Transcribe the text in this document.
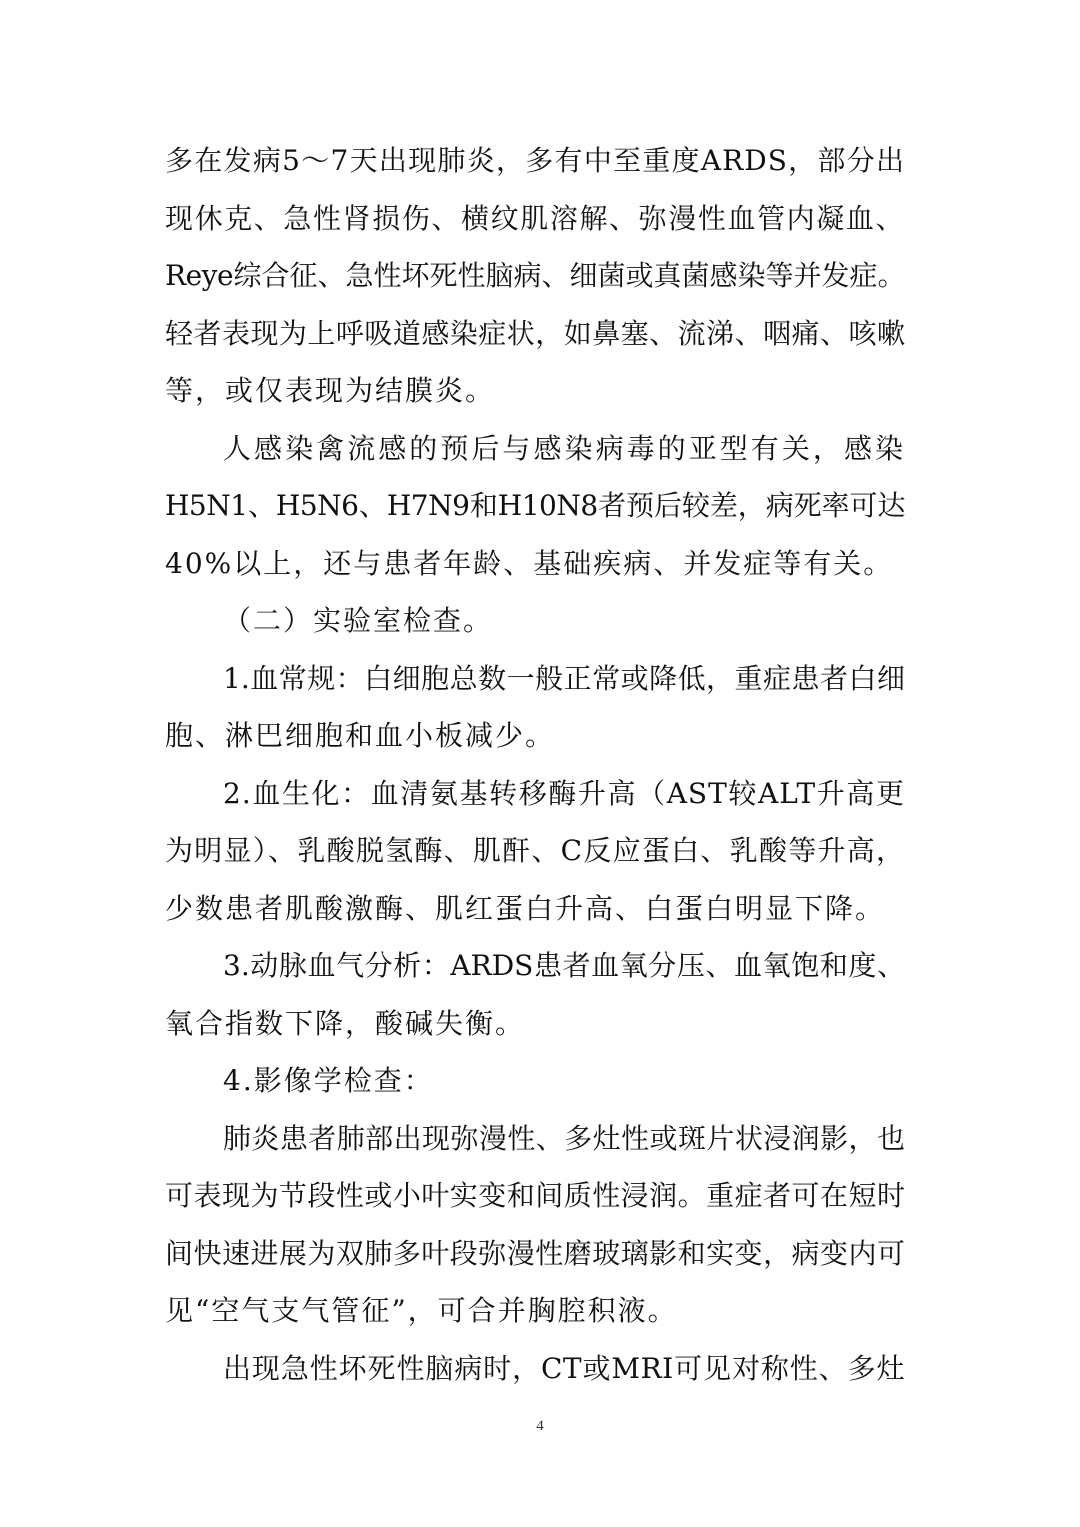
多在发病5～7天出现肺炎，多有中至重度ARDS，部分出
现休克、急性肾损伤、横纹肌溶解、弥漫性血管内凝血、
Reye综合征、急性坏死性脑病、细菌或真菌感染等并发症。
轻者表现为上呼吸道感染症状，如鼻塞、流涕、咽痛、咳嗽
等，或仅表现为结膜炎。
人感染禽流感的预后与感染病毒的亚型有关，感染
H5N1、H5N6、H7N9和H10N8者预后较差，病死率可达
40%以上，还与患者年龄、基础疾病、并发症等有关。
（二）实验室检查。
1.血常规：白细胞总数一般正常或降低，重症患者白细
胞、淋巴细胞和血小板减少。
2.血生化：血清氨基转移酶升高（AST较ALT升高更
为明显）、乳酸脱氢酶、肌酐、C反应蛋白、乳酸等升高，
少数患者肌酸激酶、肌红蛋白升高、白蛋白明显下降。
3.动脉血气分析：ARDS患者血氧分压、血氧饱和度、
氧合指数下降，酸碱失衡。
4.影像学检查：
肺炎患者肺部出现弥漫性、多灶性或斑片状浸润影，也
可表现为节段性或小叶实变和间质性浸润。重症者可在短时
间快速进展为双肺多叶段弥漫性磨玻璃影和实变，病变内可
见“空气支气管征”，可合并胸腔积液。
出现急性坏死性脑病时，CT或MRI可见对称性、多灶
4
